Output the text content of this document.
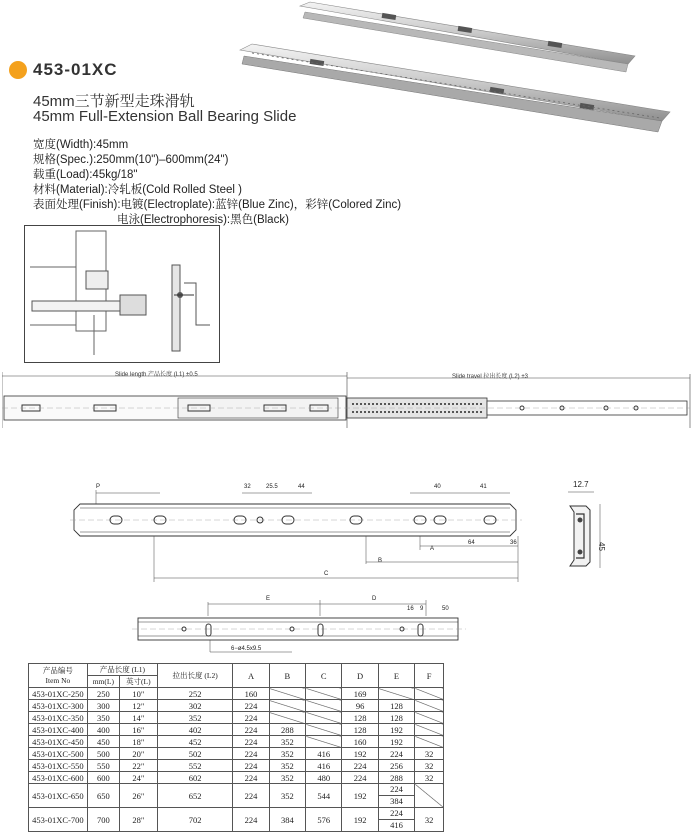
453-01XC
45mm三节新型走珠滑轨
45mm Full-Extension Ball Bearing Slide
宽度(Width):45mm
规格(Spec.):250mm(10")–600mm(24")
载重(Load):45kg/18"
材料(Material):冷轧板(Cold Rolled Steel )
表面处理(Finish):电镀(Electroplate):蓝锌(Blue Zinc)，彩锌(Colored Zinc)
电泳(Electrophoresis):黑色(Black)
Slide length 产品长度 (L1) ±0.5	Slide travel 拉出长度 (L2) ±3
P	32	25.5	44	40	41
A
64	36
B
C
12.7
45
E	D
16 9	50
6−ø4.5x9.5
产品编号
Item No	产品长度 (L1)		拉出长度 (L2)	A	B	C	D	E	F
	mm(L)	英寸(L)							
453-01XC-250	250	10"	252	160			169		
453-01XC-300	300	12"	302	224			96	128	
453-01XC-350	350	14"	352	224			128	128	
453-01XC-400	400	16"	402	224	288		128	192	
453-01XC-450	450	18"	452	224	352		160	192	
453-01XC-500	500	20"	502	224	352	416	192	224	32
453-01XC-550	550	22"	552	224	352	416	224	256	32
453-01XC-600	600	24"	602	224	352	480	224	288	32
453-01XC-650	650	26"	652	224	352	544	192	224
384	

453-01XC-700	700	28"	702	224	384	576	192	224
416	32
